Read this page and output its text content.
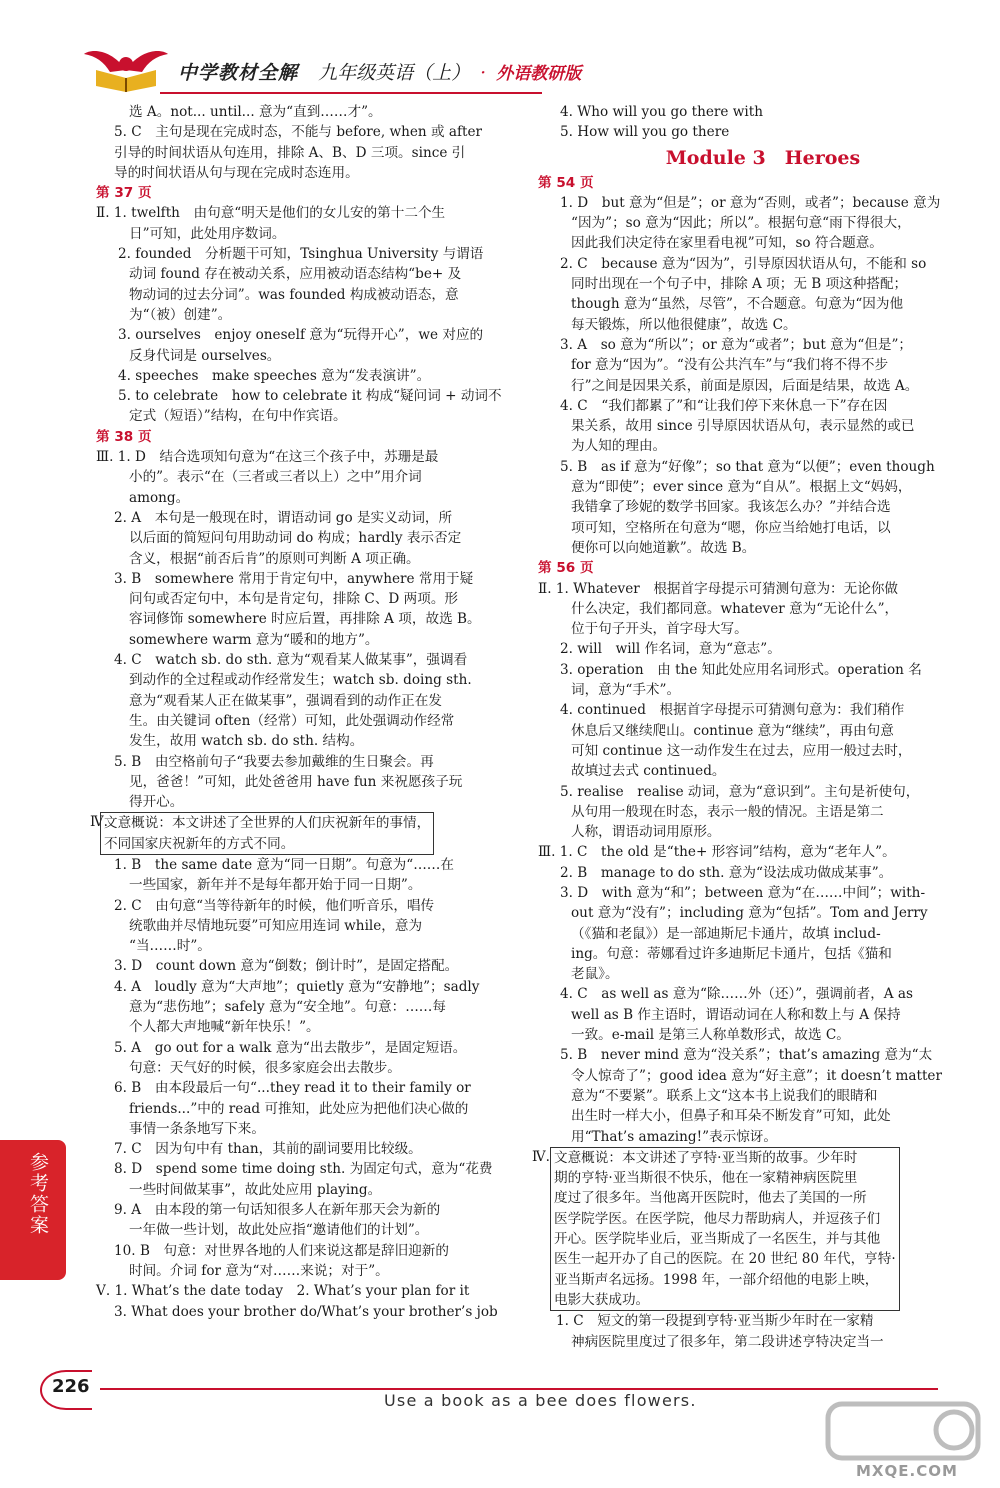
中学教材全解 九年级英语（上） · 外语教研版
选 A。not... until... 意为“直到……才”。
5. C　主句是现在完成时态，不能与 before, when 或 after
引导的时间状语从句连用，排除 A、B、D 三项。since 引
导的时间状语从句与现在完成时态连用。
第 37 页
Ⅱ. 1. twelfth　由句意“明天是他们的女儿安的第十二个生
日”可知，此处用序数词。
2. founded　分析题干可知，Tsinghua University 与谓语
动词 found 存在被动关系，应用被动语态结构“be+ 及
物动词的过去分词”。was founded 构成被动语态，意
为“（被）创建”。
3. ourselves　enjoy oneself 意为“玩得开心”，we 对应的
反身代词是 ourselves。
4. speeches　make speeches 意为“发表演讲”。
5. to celebrate　how to celebrate it 构成“疑问词 + 动词不
定式（短语）”结构，在句中作宾语。
第 38 页
Ⅲ. 1. D　结合选项知句意为“在这三个孩子中，苏珊是最
小的”。表示“在（三者或三者以上）之中”用介词
among。
2. A　本句是一般现在时，谓语动词 go 是实义动词，所
以后面的简短问句用助动词 do 构成；hardly 表示否定
含义，根据“前否后肯”的原则可判断 A 项正确。
3. B　somewhere 常用于肯定句中，anywhere 常用于疑
问句或否定句中，本句是肯定句，排除 C、D 两项。形
容词修饰 somewhere 时应后置，再排除 A 项，故选 B。
somewhere warm 意为“暖和的地方”。
4. C　watch sb. do sth. 意为“观看某人做某事”，强调看
到动作的全过程或动作经常发生；watch sb. doing sth.
意为“观看某人正在做某事”，强调看到的动作正在发
生。由关键词 often（经常）可知，此处强调动作经常
发生，故用 watch sb. do sth. 结构。
5. B　由空格前句子“我要去参加戴维的生日聚会。再
见，爸爸！”可知，此处爸爸用 have fun 来祝愿孩子玩
得开心。
Ⅳ.
文意概说：本文讲述了全世界的人们庆祝新年的事情，
不同国家庆祝新年的方式不同。
1. B　the same date 意为“同一日期”。句意为“……在
一些国家，新年并不是每年都开始于同一日期”。
2. C　由句意“当等待新年的时候，他们听音乐，唱传
统歌曲并尽情地玩耍”可知应用连词 while，意为
“当……时”。
3. D　count down 意为“倒数；倒计时”，是固定搭配。
4. A　loudly 意为“大声地”；quietly 意为“安静地”；sadly
意为“悲伤地”；safely 意为“安全地”。句意：……每
个人都大声地喊“新年快乐！”。
5. A　go out for a walk 意为“出去散步”，是固定短语。
句意：天气好的时候，很多家庭会出去散步。
6. B　由本段最后一句“...they read it to their family or
friends...”中的 read 可推知，此处应为把他们决心做的
事情一条条地写下来。
7. C　因为句中有 than，其前的副词要用比较级。
8. D　spend some time doing sth. 为固定句式，意为“花费
一些时间做某事”，故此处应用 playing。
9. A　由本段的第一句话知很多人在新年那天会为新的
一年做一些计划，故此处应指“邀请他们的计划”。
10. B　句意：对世界各地的人们来说这都是辞旧迎新的
时间。介词 for 意为“对……来说；对于”。
Ⅴ. 1. What’s the date today　2. What’s your plan for it
3. What does your brother do/What’s your brother’s job
4. Who will you go there with
5. How will you go there
Module 3　Heroes
第 54 页
1. D　but 意为“但是”；or 意为“否则，或者”；because 意为
“因为”；so 意为“因此；所以”。根据句意“雨下得很大，
因此我们决定待在家里看电视”可知，so 符合题意。
2. C　because 意为“因为”，引导原因状语从句，不能和 so
同时出现在一个句子中，排除 A 项；无 B 项这种搭配；
though 意为“虽然，尽管”，不合题意。句意为“因为他
每天锻炼，所以他很健康”，故选 C。
3. A　so 意为“所以”；or 意为“或者”；but 意为“但是”；
for 意为“因为”。“没有公共汽车”与“我们将不得不步
行”之间是因果关系，前面是原因，后面是结果，故选 A。
4. C　“我们都累了”和“让我们停下来休息一下”存在因
果关系，故用 since 引导原因状语从句，表示显然的或已
为人知的理由。
5. B　as if 意为“好像”；so that 意为“以便”；even though
意为“即使”；ever since 意为“自从”。根据上文“妈妈，
我错拿了珍妮的数学书回家。我该怎么办？”并结合选
项可知，空格所在句意为“嗯，你应当给她打电话，以
便你可以向她道歉”。故选 B。
第 56 页
Ⅱ. 1. Whatever　根据首字母提示可猜测句意为：无论你做
什么决定，我们都同意。whatever 意为“无论什么”，
位于句子开头，首字母大写。
2. will　will 作名词，意为“意志”。
3. operation　由 the 知此处应用名词形式。operation 名
词，意为“手术”。
4. continued　根据首字母提示可猜测句意为：我们稍作
休息后又继续爬山。continue 意为“继续”，再由句意
可知 continue 这一动作发生在过去，应用一般过去时，
故填过去式 continued。
5. realise　realise 动词，意为“意识到”。主句是祈使句，
从句用一般现在时态，表示一般的情况。主语是第二
人称，谓语动词用原形。
Ⅲ. 1. C　the old 是“the+ 形容词”结构，意为“老年人”。
2. B　manage to do sth. 意为“设法成功做成某事”。
3. D　with 意为“和”；between 意为“在……中间”；with-
out 意为“没有”；including 意为“包括”。Tom and Jerry
（《猫和老鼠》）是一部迪斯尼卡通片，故填 includ-
ing。句意：蒂娜看过许多迪斯尼卡通片，包括《猫和
老鼠》。
4. C　as well as 意为“除……外（还）”，强调前者，A as
well as B 作主语时，谓语动词在人称和数上与 A 保持
一致。e-mail 是第三人称单数形式，故选 C。
5. B　never mind 意为“没关系”；that’s amazing 意为“太
令人惊奇了”；good idea 意为“好主意”；it doesn’t matter
意为“不要紧”。联系上文“这本书上说我们的眼睛和
出生时一样大小，但鼻子和耳朵不断发育”可知，此处
用“That’s amazing!”表示惊讶。
Ⅳ. 文意概说：本文讲述了亨特·亚当斯的故事。少年时
期的亨特·亚当斯很不快乐，他在一家精神病医院里
度过了很多年。当他离开医院时，他去了美国的一所
医学院学医。在医学院，他尽力帮助病人，并逗孩子们
开心。医学院毕业后，亚当斯成了一名医生，并与其他
医生一起开办了自己的医院。在 20 世纪 80 年代，亨特·
亚当斯声名远扬。1998 年，一部介绍他的电影上映，
电影大获成功。
1. C　短文的第一段提到亨特·亚当斯少年时在一家精
神病医院里度过了很多年，第二段讲述亨特决定当一
参考答案
226
Use a book as a bee does flowers.
MXQE.COM
